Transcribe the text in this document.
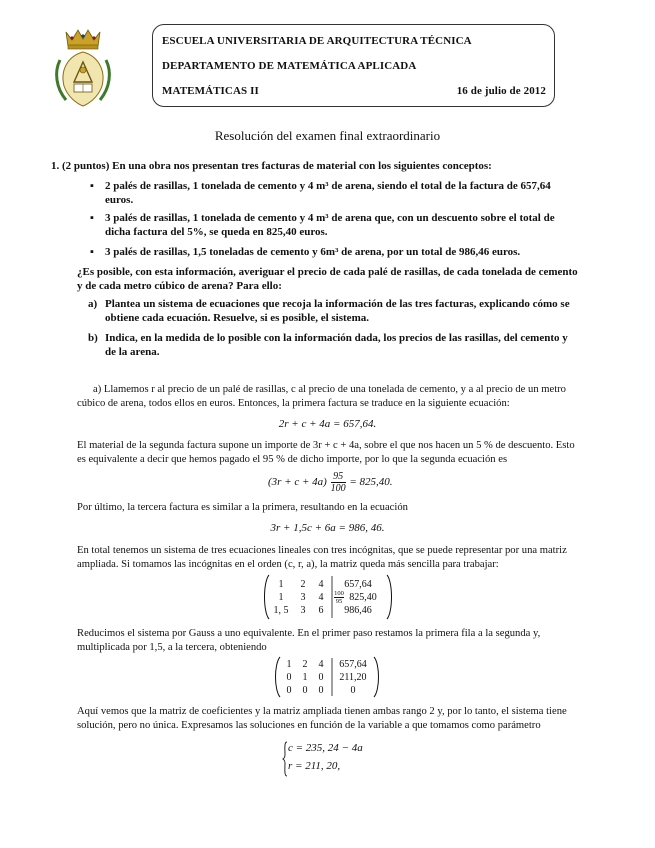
ESCUELA UNIVERSITARIA DE ARQUITECTURA TÉCNICA
DEPARTAMENTO DE MATEMÁTICA APLICADA
MATEMÁTICAS II	16 de julio de 2012
Resolución del examen final extraordinario
1. (2 puntos) En una obra nos presentan tres facturas de material con los siguientes conceptos:
▪ 2 palés de rasillas, 1 tonelada de cemento y 4 m³ de arena, siendo el total de la factura de 657,64 euros.
▪ 3 palés de rasillas, 1 tonelada de cemento y 4 m³ de arena que, con un descuento sobre el total de dicha factura del 5%, se queda en 825,40 euros.
▪ 3 palés de rasillas, 1,5 toneladas de cemento y 6m³ de arena, por un total de 986,46 euros.
¿Es posible, con esta información, averiguar el precio de cada palé de rasillas, de cada tonelada de cemento y de cada metro cúbico de arena? Para ello:
a) Plantea un sistema de ecuaciones que recoja la información de las tres facturas, explicando cómo se obtiene cada ecuación. Resuelve, si es posible, el sistema.
b) Indica, en la medida de lo posible con la información dada, los precios de las rasillas, del cemento y de la arena.
a) Llamemos r al precio de un palé de rasillas, c al precio de una tonelada de cemento, y a al precio de un metro cúbico de arena, todos ellos en euros. Entonces, la primera factura se traduce en la siguiente ecuación:
2r + c + 4a = 657,64.
El material de la segunda factura supone un importe de 3r + c + 4a, sobre el que nos hacen un 5 % de descuento. Esto es equivalente a decir que hemos pagado el 95 % de dicho importe, por lo que la segunda ecuación es
$(3r + c + 4a) \frac{95}{100} = 825,40$.
Por último, la tercera factura es similar a la primera, resultando en la ecuación
3r + 1,5c + 6a = 986, 46.
En total tenemos un sistema de tres ecuaciones lineales con tres incógnitas, que se puede representar por una matriz ampliada. Si tomamos las incógnitas en el orden (c, r, a), la matriz queda más sencilla para trabajar:
1	2	4	657,64
1	3	4	$\frac{100}{95} 825,40$
1, 5	3	6	986,46
Reducimos el sistema por Gauss a uno equivalente. En el primer paso restamos la primera fila a la segunda y, multiplicada por 1,5, a la tercera, obteniendo
1	2	4	657,64
0	1	0	211,20
0	0	0	0
Aquí vemos que la matriz de coeficientes y la matriz ampliada tienen ambas rango 2 y, por lo tanto, el sistema tiene solución, pero no única. Expresamos las soluciones en función de la variable a que tomamos como parámetro
c = 235, 24 − 4a
r = 211, 20,
